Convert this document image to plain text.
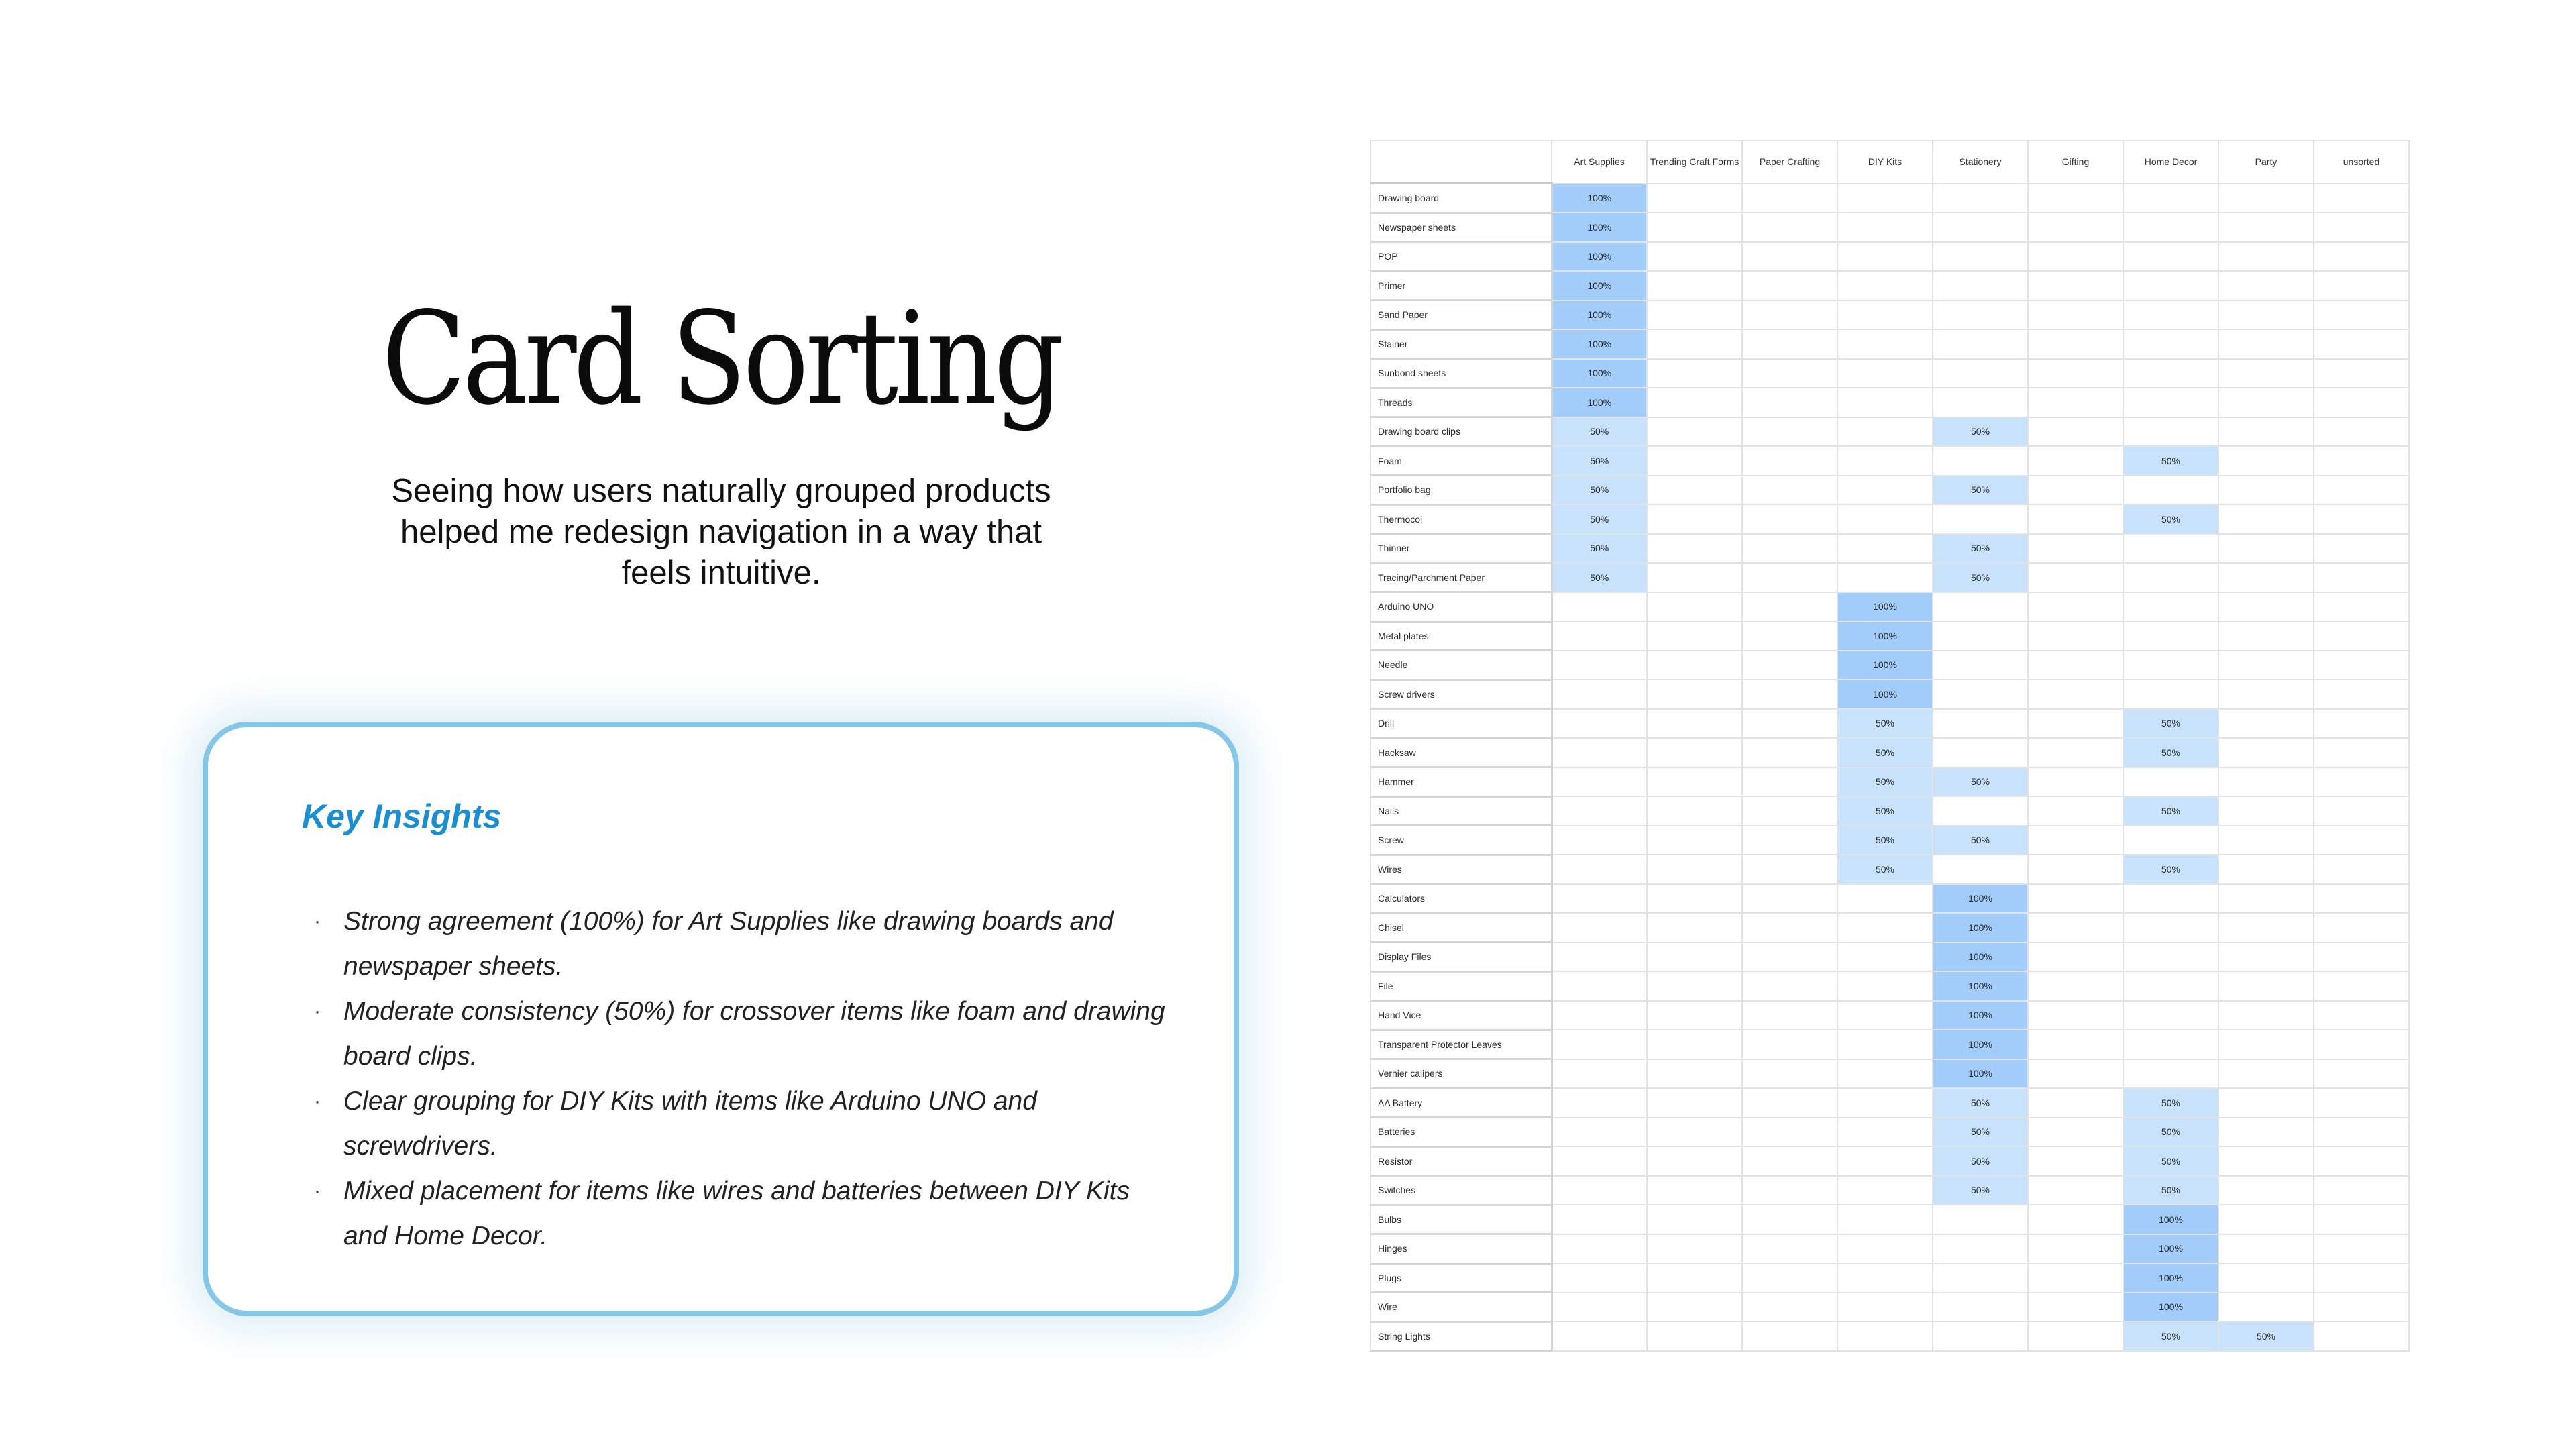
Card Sorting

Seeing how users naturally grouped products helped me redesign navigation in a way that feels intuitive.

Key Insights
· Strong agreement (100%) for Art Supplies like drawing boards and newspaper sheets.
· Moderate consistency (50%) for crossover items like foam and drawing board clips.
· Clear grouping for DIY Kits with items like Arduino UNO and screwdrivers.
· Mixed placement for items like wires and batteries between DIY Kits and Home Decor.
	Art Supplies	Trending Craft Forms	Paper Crafting	DIY Kits	Stationery	Gifting	Home Decor	Party	unsorted
Drawing board	100%								
Newspaper sheets	100%								
POP	100%								
Primer	100%								
Sand Paper	100%								
Stainer	100%								
Sunbond sheets	100%								
Threads	100%								
Drawing board clips	50%				50%				
Foam	50%						50%		
Portfolio bag	50%				50%				
Thermocol	50%						50%		
Thinner	50%				50%				
Tracing/Parchment Paper	50%				50%				
Arduino UNO				100%					
Metal plates				100%					
Needle				100%					
Screw drivers				100%					
Drill				50%			50%		
Hacksaw				50%			50%		
Hammer				50%	50%				
Nails				50%			50%		
Screw				50%	50%				
Wires				50%			50%		
Calculators					100%				
Chisel					100%				
Display Files					100%				
File					100%				
Hand Vice					100%				
Transparent Protector Leaves					100%				
Vernier calipers					100%				
AA Battery					50%		50%		
Batteries					50%		50%		
Resistor					50%		50%		
Switches					50%		50%		
Bulbs							100%		
Hinges							100%		
Plugs							100%		
Wire							100%		
String Lights							50%	50%	
